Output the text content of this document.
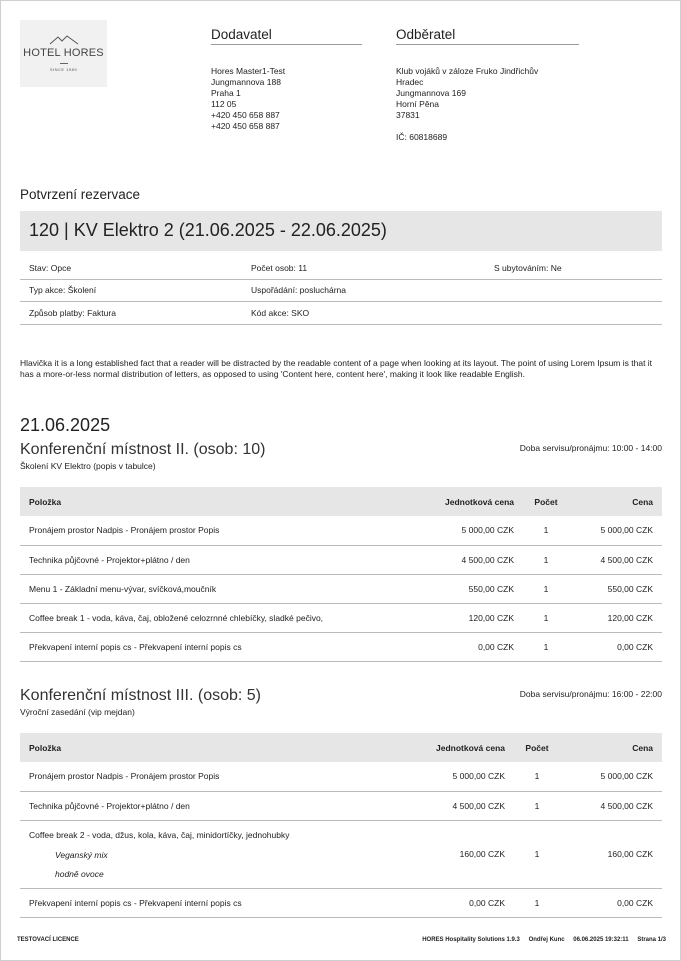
HOTEL HORES
SINCE 1989
Dodavatel
Hores Master1-Test
Jungmannova 188
Praha 1
112 05
+420 450 658 887
+420 450 658 887
Odběratel
Klub vojáků v záloze Fruko Jindřichův
Hradec
Jungmannova 169
Horní Pěna
37831
IČ: 60818689
Potvrzení rezervace
120 | KV Elektro 2 (21.06.2025 - 22.06.2025)
Stav: Opce	Počet osob: 11	S ubytováním: Ne
Typ akce: Školení	Uspořádání: posluchárna
Způsob platby: Faktura	Kód akce: SKO
Hlavička it is a long established fact that a reader will be distracted by the readable content of a page when looking at its layout. The point of using Lorem Ipsum is that it has a more-or-less normal distribution of letters, as opposed to using 'Content here, content here', making it look like readable English.
21.06.2025
Konferenční místnost II. (osob: 10)
Školení KV Elektro (popis v tabulce)
Doba servisu/pronájmu: 10:00 - 14:00
Položka	Jednotková cena	Počet	Cena
Pronájem prostor Nadpis - Pronájem prostor Popis	5 000,00 CZK	1	5 000,00 CZK
Technika půjčovné - Projektor+plátno / den	4 500,00 CZK	1	4 500,00 CZK
Menu 1 - Základní menu-vývar, svíčková,moučník	550,00 CZK	1	550,00 CZK
Coffee break 1 - voda, káva, čaj, obložené celozrnné chlebíčky, sladké pečivo,	120,00 CZK	1	120,00 CZK
Překvapení interní popis cs - Překvapení interní popis cs	0,00 CZK	1	0,00 CZK
Konferenční místnost III. (osob: 5)
Výroční zasedání (vip mejdan)
Doba servisu/pronájmu: 16:00 - 22:00
Položka	Jednotková cena	Počet	Cena
Pronájem prostor Nadpis - Pronájem prostor Popis	5 000,00 CZK	1	5 000,00 CZK
Technika půjčovné - Projektor+plátno / den	4 500,00 CZK	1	4 500,00 CZK

Coffee break 2 - voda, džus, kola, káva, čaj, minidortíčky, jednohubky
Veganský mix
hodně ovoce	160,00 CZK	1	160,00 CZK
Překvapení interní popis cs - Překvapení interní popis cs	0,00 CZK	1	0,00 CZK
TESTOVACÍ LICENCE	HORES Hospitality Solutions 1.9.3 Ondřej Kunc 06.06.2025 19:32:11 Strana 1/3
